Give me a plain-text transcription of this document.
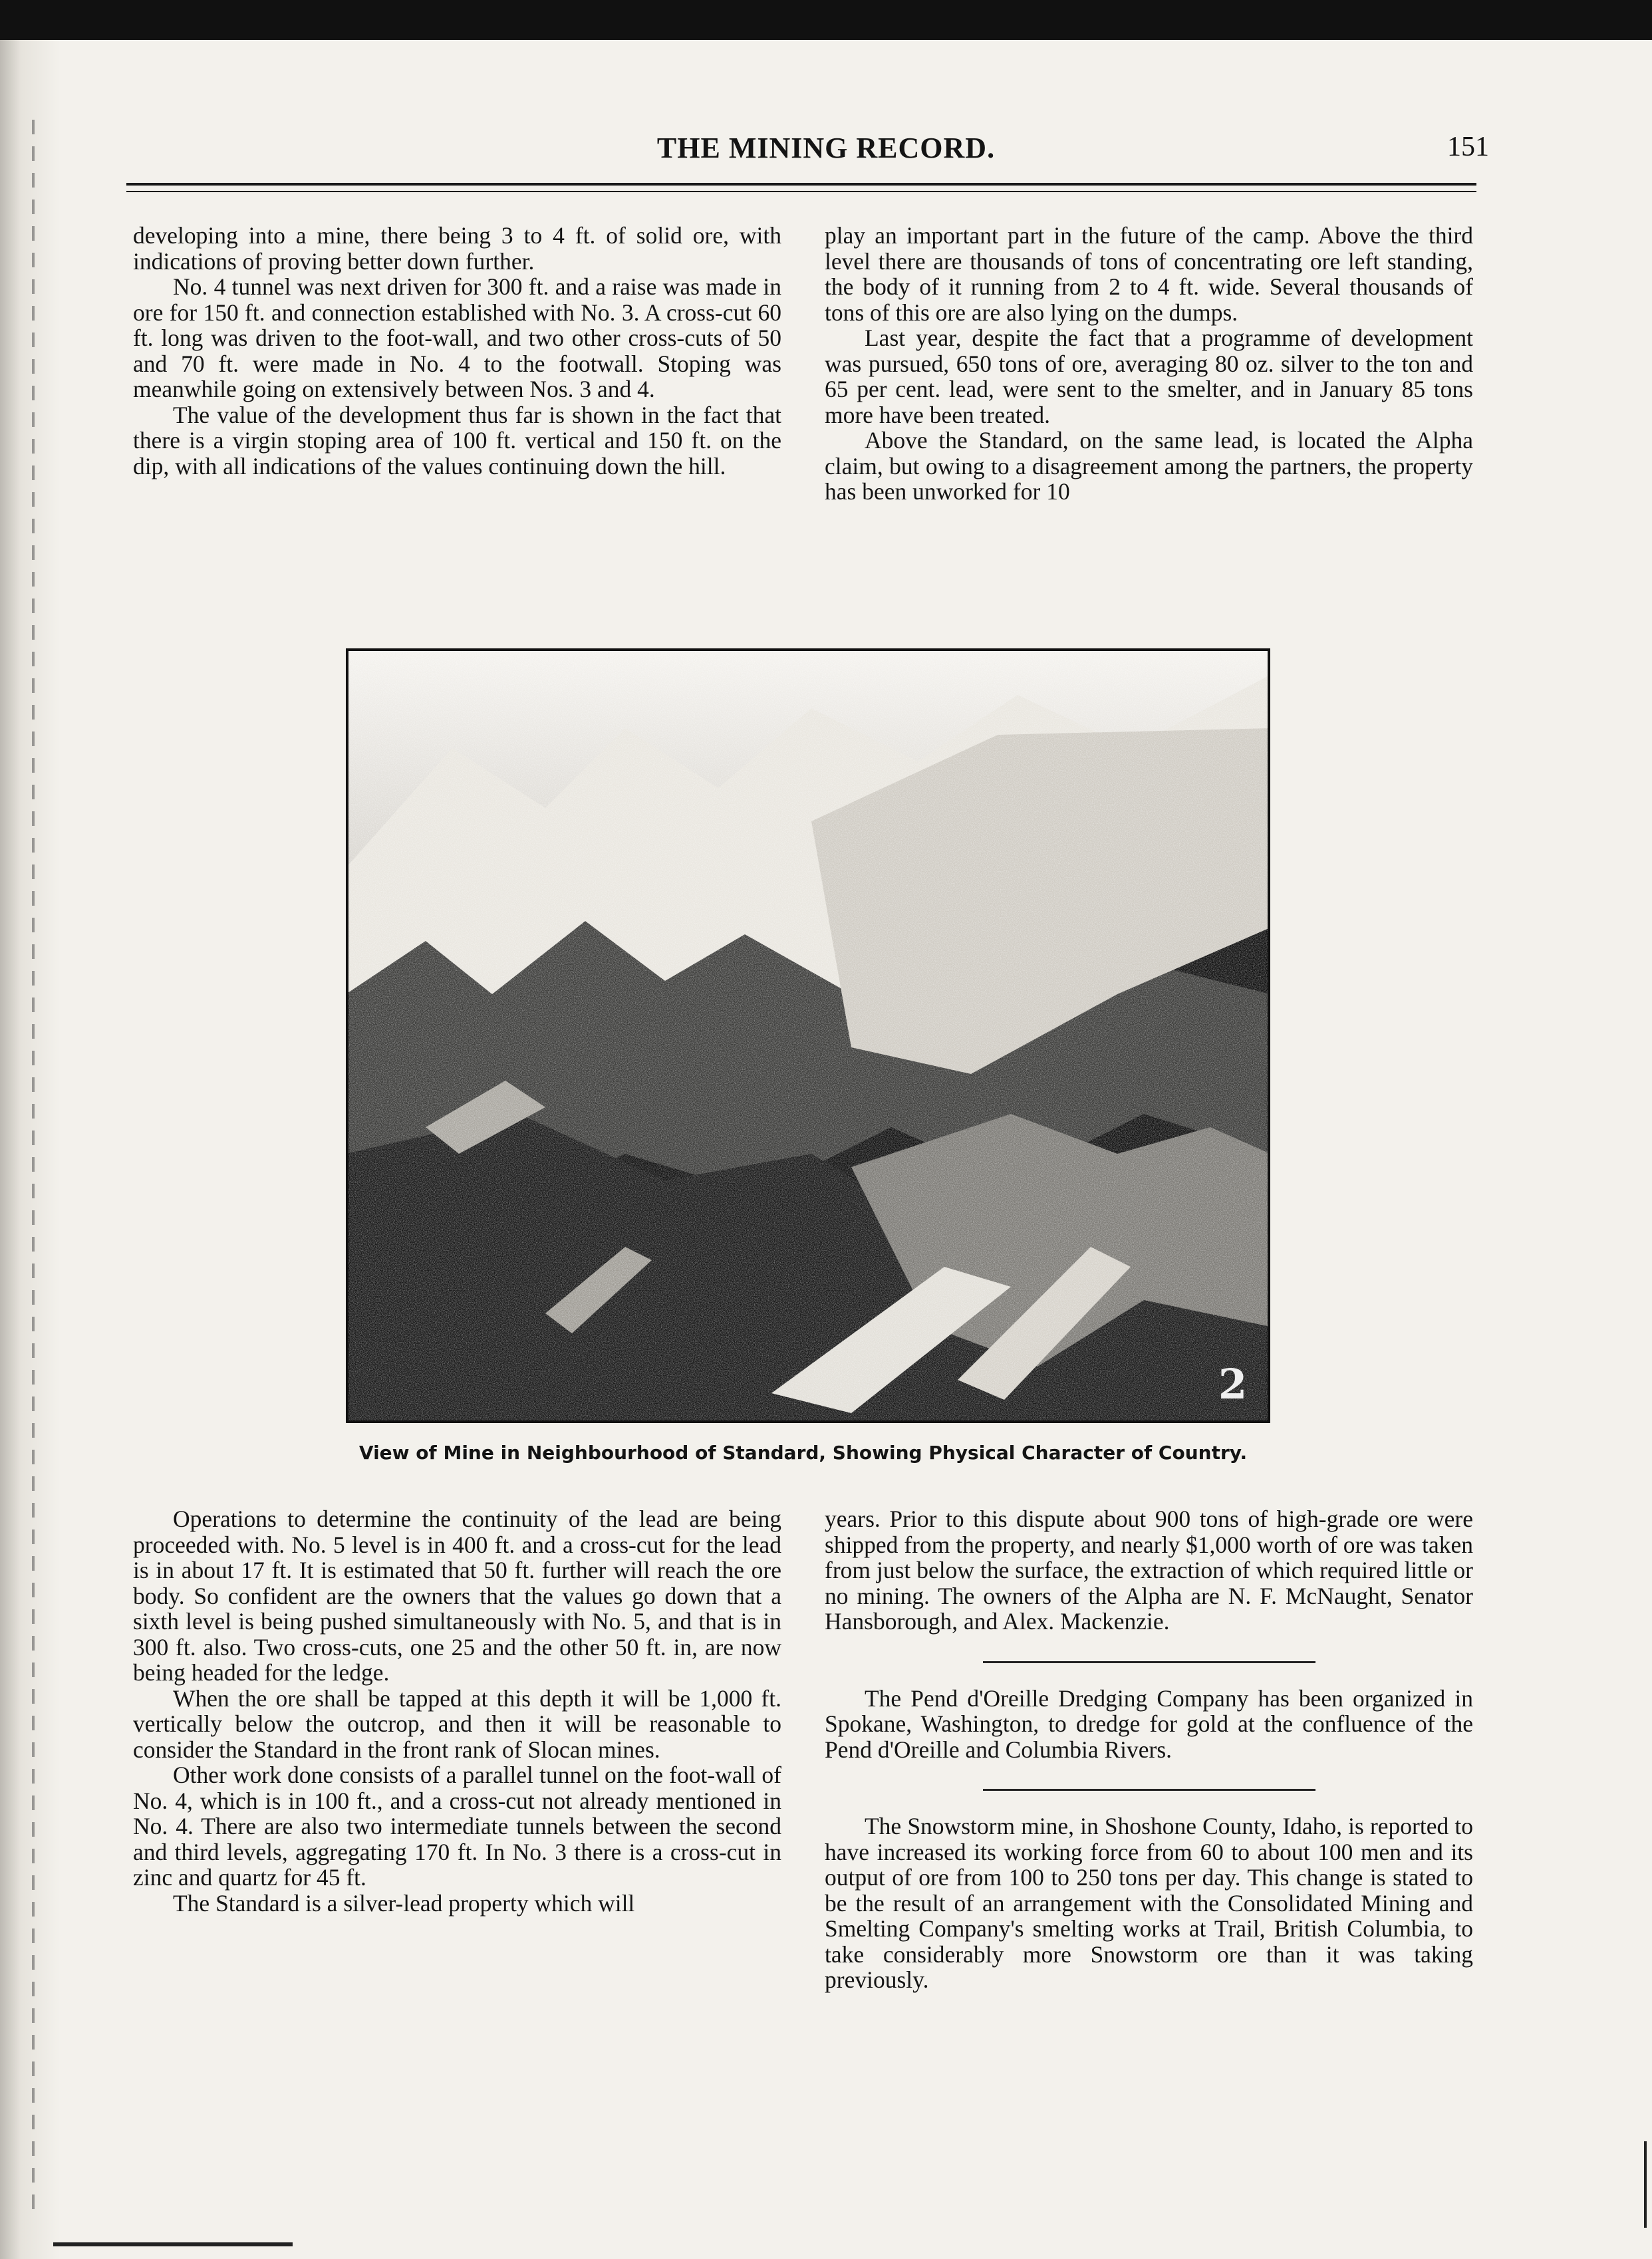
THE MINING RECORD.	151

developing into a mine, there being 3 to 4 ft. of solid ore, with indications of proving better down further.

No. 4 tunnel was next driven for 300 ft. and a raise was made in ore for 150 ft. and connection established with No. 3. A cross-cut 60 ft. long was driven to the foot-wall, and two other cross-cuts of 50 and 70 ft. were made in No. 4 to the footwall. Stoping was meanwhile going on extensively between Nos. 3 and 4.

The value of the development thus far is shown in the fact that there is a virgin stoping area of 100 ft. vertical and 150 ft. on the dip, with all indications of the values continuing down the hill.

play an important part in the future of the camp. Above the third level there are thousands of tons of concentrating ore left standing, the body of it running from 2 to 4 ft. wide. Several thousands of tons of this ore are also lying on the dumps.

Last year, despite the fact that a programme of development was pursued, 650 tons of ore, averaging 80 oz. silver to the ton and 65 per cent. lead, were sent to the smelter, and in January 85 tons more have been treated.

Above the Standard, on the same lead, is located the Alpha claim, but owing to a disagreement among the partners, the property has been unworked for 10

2
View of Mine in Neighbourhood of Standard, Showing Physical Character of Country.

Operations to determine the continuity of the lead are being proceeded with. No. 5 level is in 400 ft. and a cross-cut for the lead is in about 17 ft. It is estimated that 50 ft. further will reach the ore body. So confident are the owners that the values go down that a sixth level is being pushed simultaneously with No. 5, and that is in 300 ft. also. Two cross-cuts, one 25 and the other 50 ft. in, are now being headed for the ledge.

When the ore shall be tapped at this depth it will be 1,000 ft. vertically below the outcrop, and then it will be reasonable to consider the Standard in the front rank of Slocan mines.

Other work done consists of a parallel tunnel on the foot-wall of No. 4, which is in 100 ft., and a cross-cut not already mentioned in No. 4. There are also two intermediate tunnels between the second and third levels, aggregating 170 ft. In No. 3 there is a cross-cut in zinc and quartz for 45 ft.

The Standard is a silver-lead property which will

years. Prior to this dispute about 900 tons of high-grade ore were shipped from the property, and nearly $1,000 worth of ore was taken from just below the surface, the extraction of which required little or no mining. The owners of the Alpha are N. F. McNaught, Senator Hansborough, and Alex. Mackenzie.

The Pend d'Oreille Dredging Company has been organized in Spokane, Washington, to dredge for gold at the confluence of the Pend d'Oreille and Columbia Rivers.

The Snowstorm mine, in Shoshone County, Idaho, is reported to have increased its working force from 60 to about 100 men and its output of ore from 100 to 250 tons per day. This change is stated to be the result of an arrangement with the Consolidated Mining and Smelting Company's smelting works at Trail, British Columbia, to take considerably more Snowstorm ore than it was taking previously.
